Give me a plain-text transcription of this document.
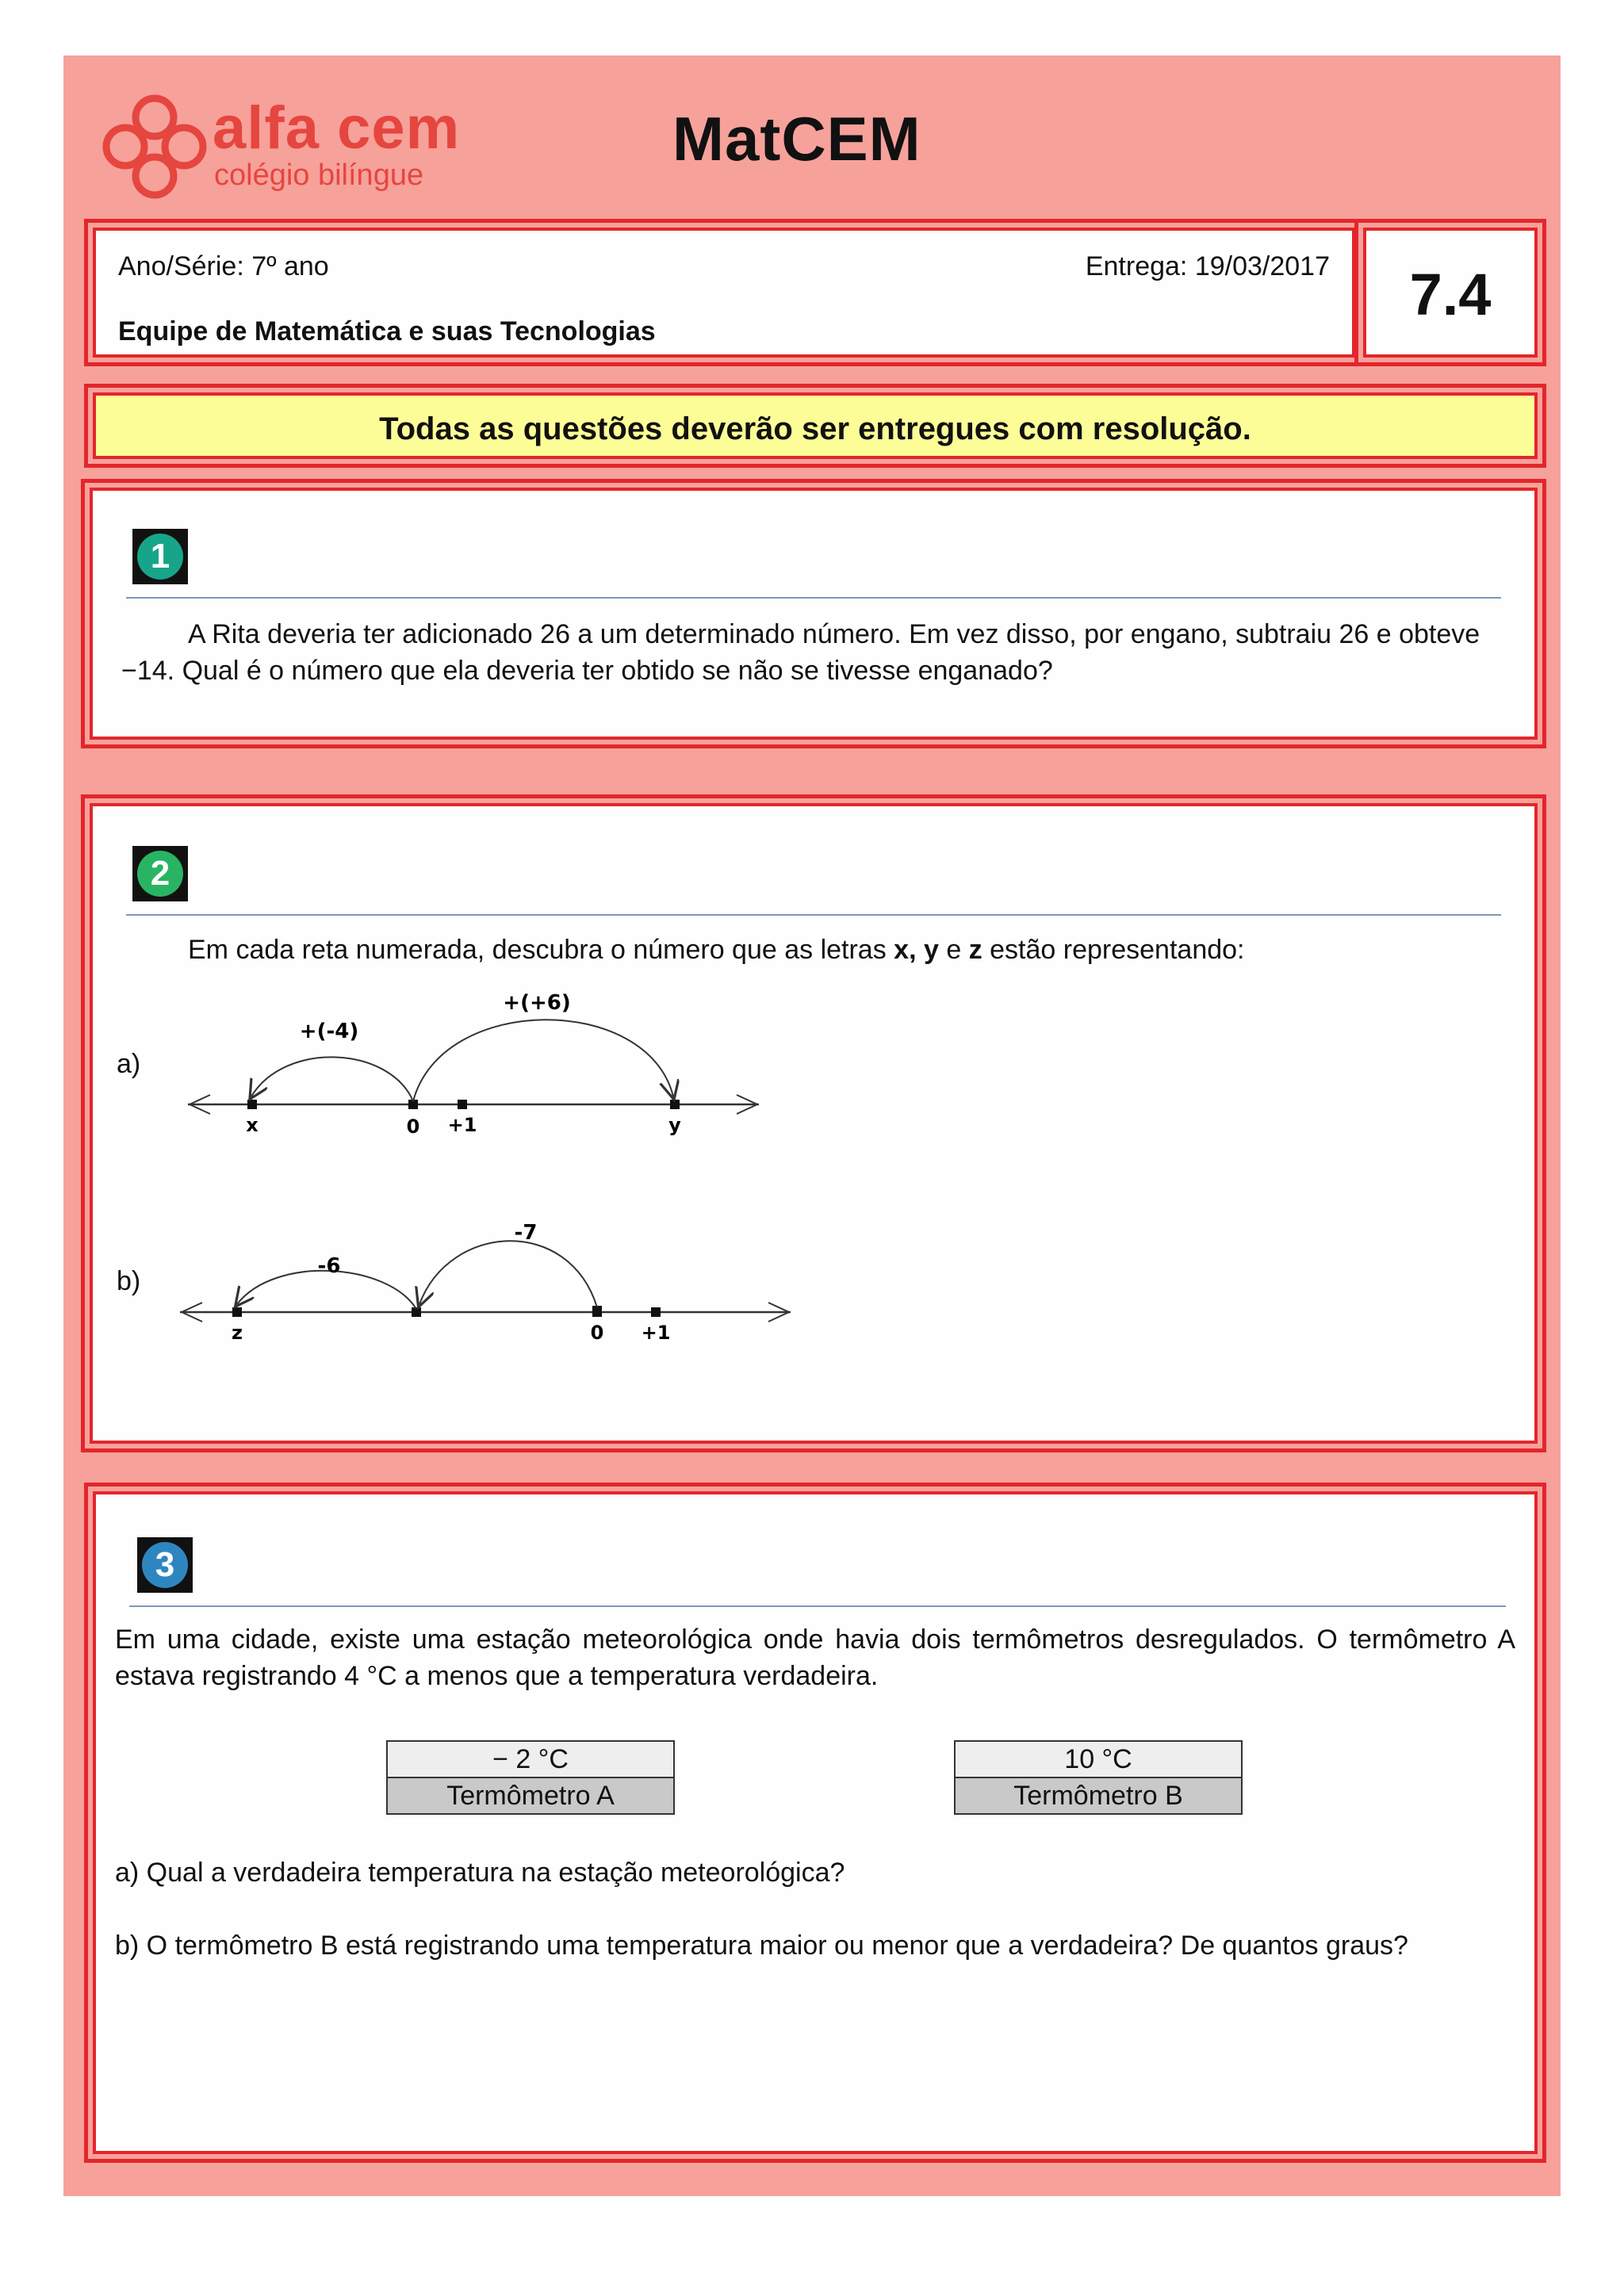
alfa cem
colégio bilíngue
MatCEM
Ano/Série: 7º ano	Entrega: 19/03/2017
Equipe de Matemática e suas Tecnologias
7.4
Todas as questões deverão ser entregues com resolução.
1
A Rita deveria ter adicionado 26 a um determinado número. Em vez disso, por engano, subtraiu 26 e obteve −14. Qual é o número que ela deveria ter obtido se não se tivesse enganado?
2
Em cada reta numerada, descubra o número que as letras x, y e z estão representando:
a)
+(-4)
+(+6)
x	0 +1	y
b)	-6
-7
z	0 +1
3
Em uma cidade, existe uma estação meteorológica onde havia dois termômetros desregulados. O termômetro A estava registrando 4 °C a menos que a temperatura verdadeira.
− 2 °C
Termômetro A
10 °C
Termômetro B
a) Qual a verdadeira temperatura na estação meteorológica?
b) O termômetro B está registrando uma temperatura maior ou menor que a verdadeira? De quantos graus?
